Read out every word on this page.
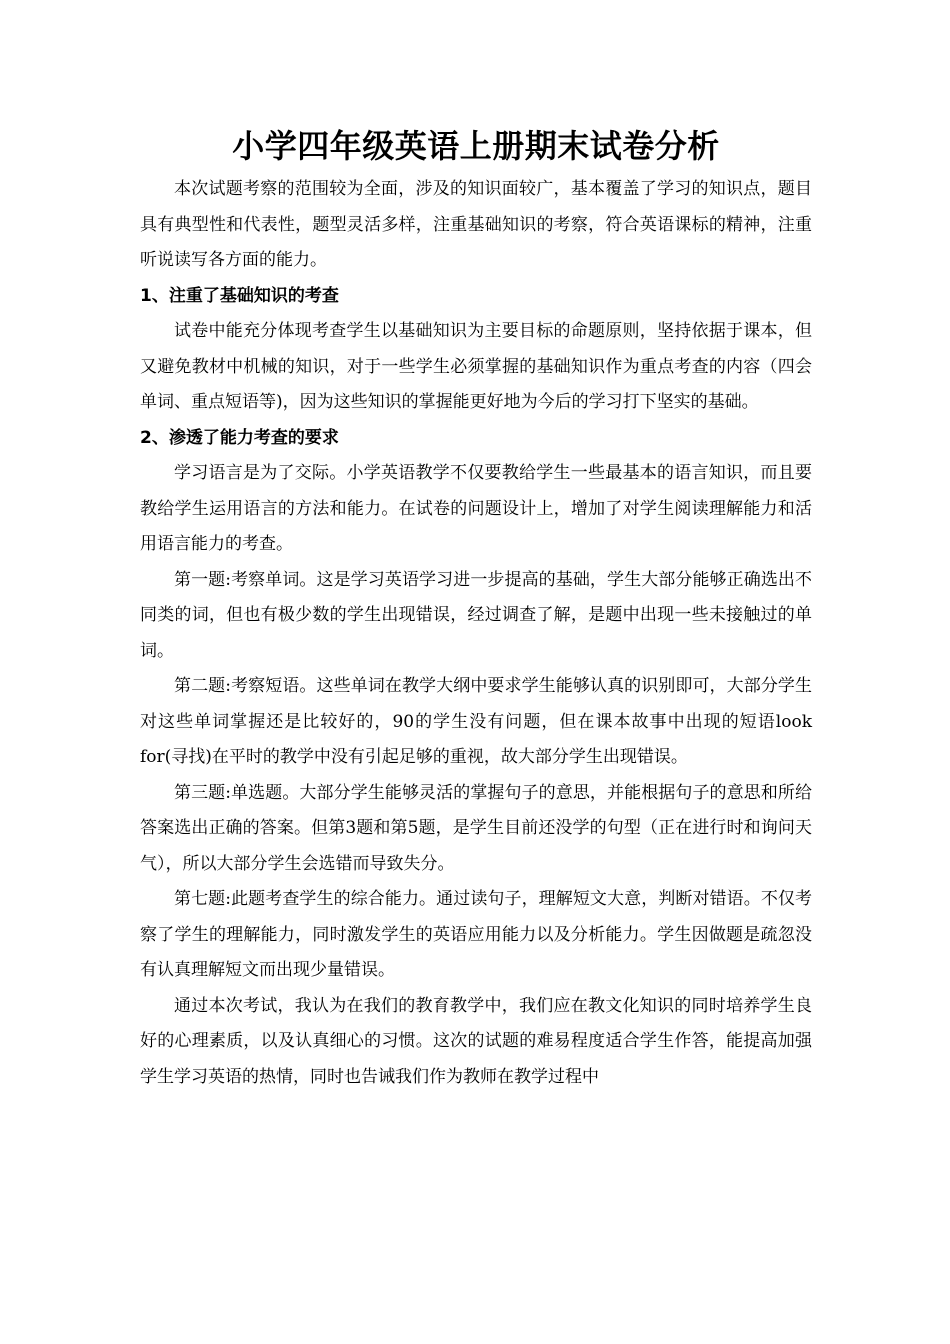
小学四年级英语上册期末试卷分析

本次试题考察的范围较为全面，涉及的知识面较广，基本覆盖了学习的知识点，题目具有典型性和代表性，题型灵活多样，注重基础知识的考察，符合英语课标的精神，注重听说读写各方面的能力。

1、注重了基础知识的考查

试卷中能充分体现考查学生以基础知识为主要目标的命题原则，坚持依据于课本，但又避免教材中机械的知识，对于一些学生必须掌握的基础知识作为重点考查的内容（四会单词、重点短语等)，因为这些知识的掌握能更好地为今后的学习打下坚实的基础。

2、渗透了能力考查的要求

学习语言是为了交际。小学英语教学不仅要教给学生一些最基本的语言知识，而且要教给学生运用语言的方法和能力。在试卷的问题设计上，增加了对学生阅读理解能力和活用语言能力的考查。

第一题:考察单词。这是学习英语学习进一步提高的基础，学生大部分能够正确选出不同类的词，但也有极少数的学生出现错误，经过调查了解，是题中出现一些未接触过的单词。

第二题:考察短语。这些单词在教学大纲中要求学生能够认真的识别即可，大部分学生对这些单词掌握还是比较好的，90的学生没有问题，但在课本故事中出现的短语look for(寻找)在平时的教学中没有引起足够的重视，故大部分学生出现错误。

第三题:单选题。大部分学生能够灵活的掌握句子的意思，并能根据句子的意思和所给答案选出正确的答案。但第3题和第5题，是学生目前还没学的句型（正在进行时和询问天气），所以大部分学生会选错而导致失分。

第七题:此题考查学生的综合能力。通过读句子，理解短文大意，判断对错语。不仅考察了学生的理解能力，同时激发学生的英语应用能力以及分析能力。学生因做题是疏忽没有认真理解短文而出现少量错误。

通过本次考试，我认为在我们的教育教学中，我们应在教文化知识的同时培养学生良好的心理素质，以及认真细心的习惯。这次的试题的难易程度适合学生作答，能提高加强学生学习英语的热情，同时也告诫我们作为教师在教学过程中
